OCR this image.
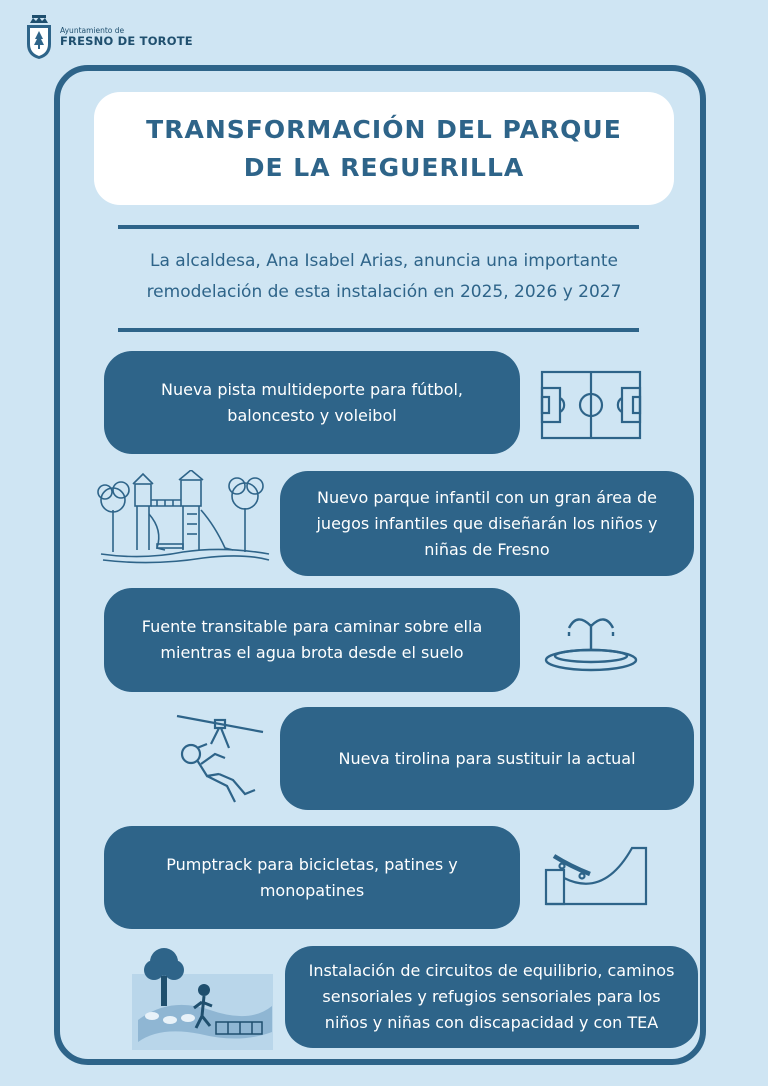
Ayuntamiento de
FRESNO DE TOROTE
TRANSFORMACIÓN DEL PARQUE DE LA REGUERILLA

La alcaldesa, Ana Isabel Arias, anuncia una importante remodelación de esta instalación en 2025, 2026 y 2027

Nueva pista multideporte para fútbol, baloncesto y voleibol
Nuevo parque infantil con un gran área de juegos infantiles que diseñarán los niños y niñas de Fresno
Fuente transitable para caminar sobre ella mientras el agua brota desde el suelo
Nueva tirolina para sustituir la actual
Pumptrack para bicicletas, patines y monopatines
Instalación de circuitos de equilibrio, caminos sensoriales y refugios sensoriales para los niños y niñas con discapacidad y con TEA
